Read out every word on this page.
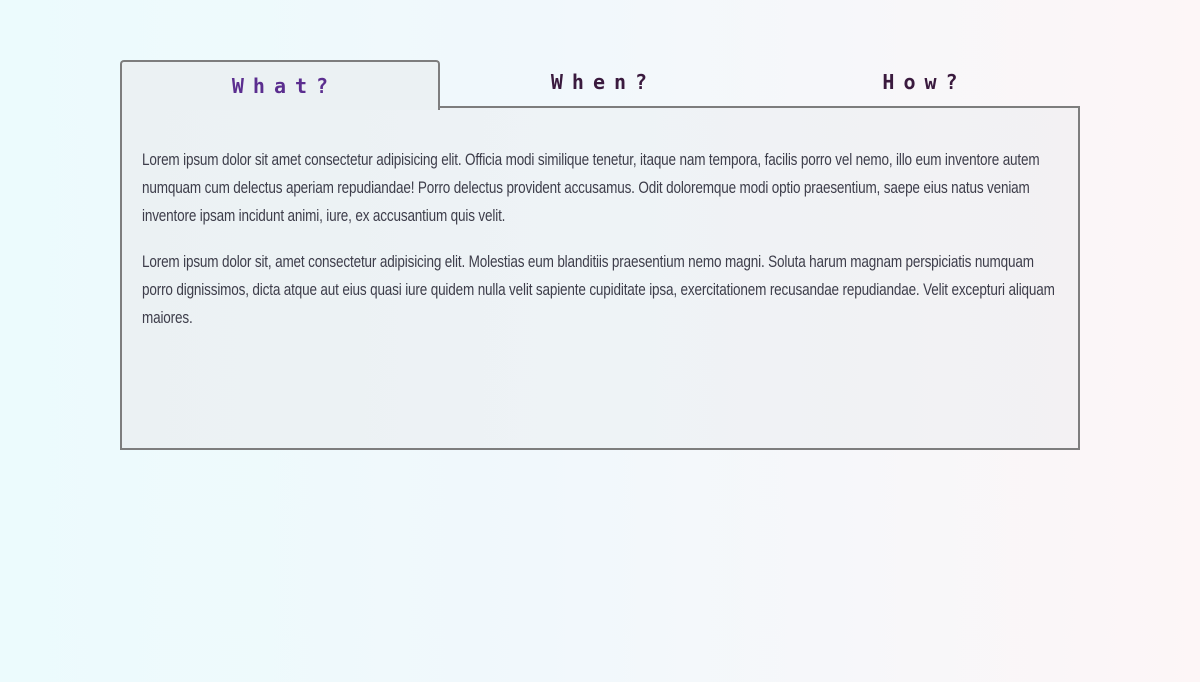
What?	When?	How?

Lorem ipsum dolor sit amet consectetur adipisicing elit. Officia modi similique tenetur, itaque nam tempora, facilis porro vel nemo, illo eum inventore autem numquam cum delectus aperiam repudiandae! Porro delectus provident accusamus. Odit doloremque modi optio praesentium, saepe eius natus veniam inventore ipsam incidunt animi, iure, ex accusantium quis velit.

Lorem ipsum dolor sit, amet consectetur adipisicing elit. Molestias eum blanditiis praesentium nemo magni. Soluta harum magnam perspiciatis numquam porro dignissimos, dicta atque aut eius quasi iure quidem nulla velit sapiente cupiditate ipsa, exercitationem recusandae repudiandae. Velit excepturi aliquam maiores.
